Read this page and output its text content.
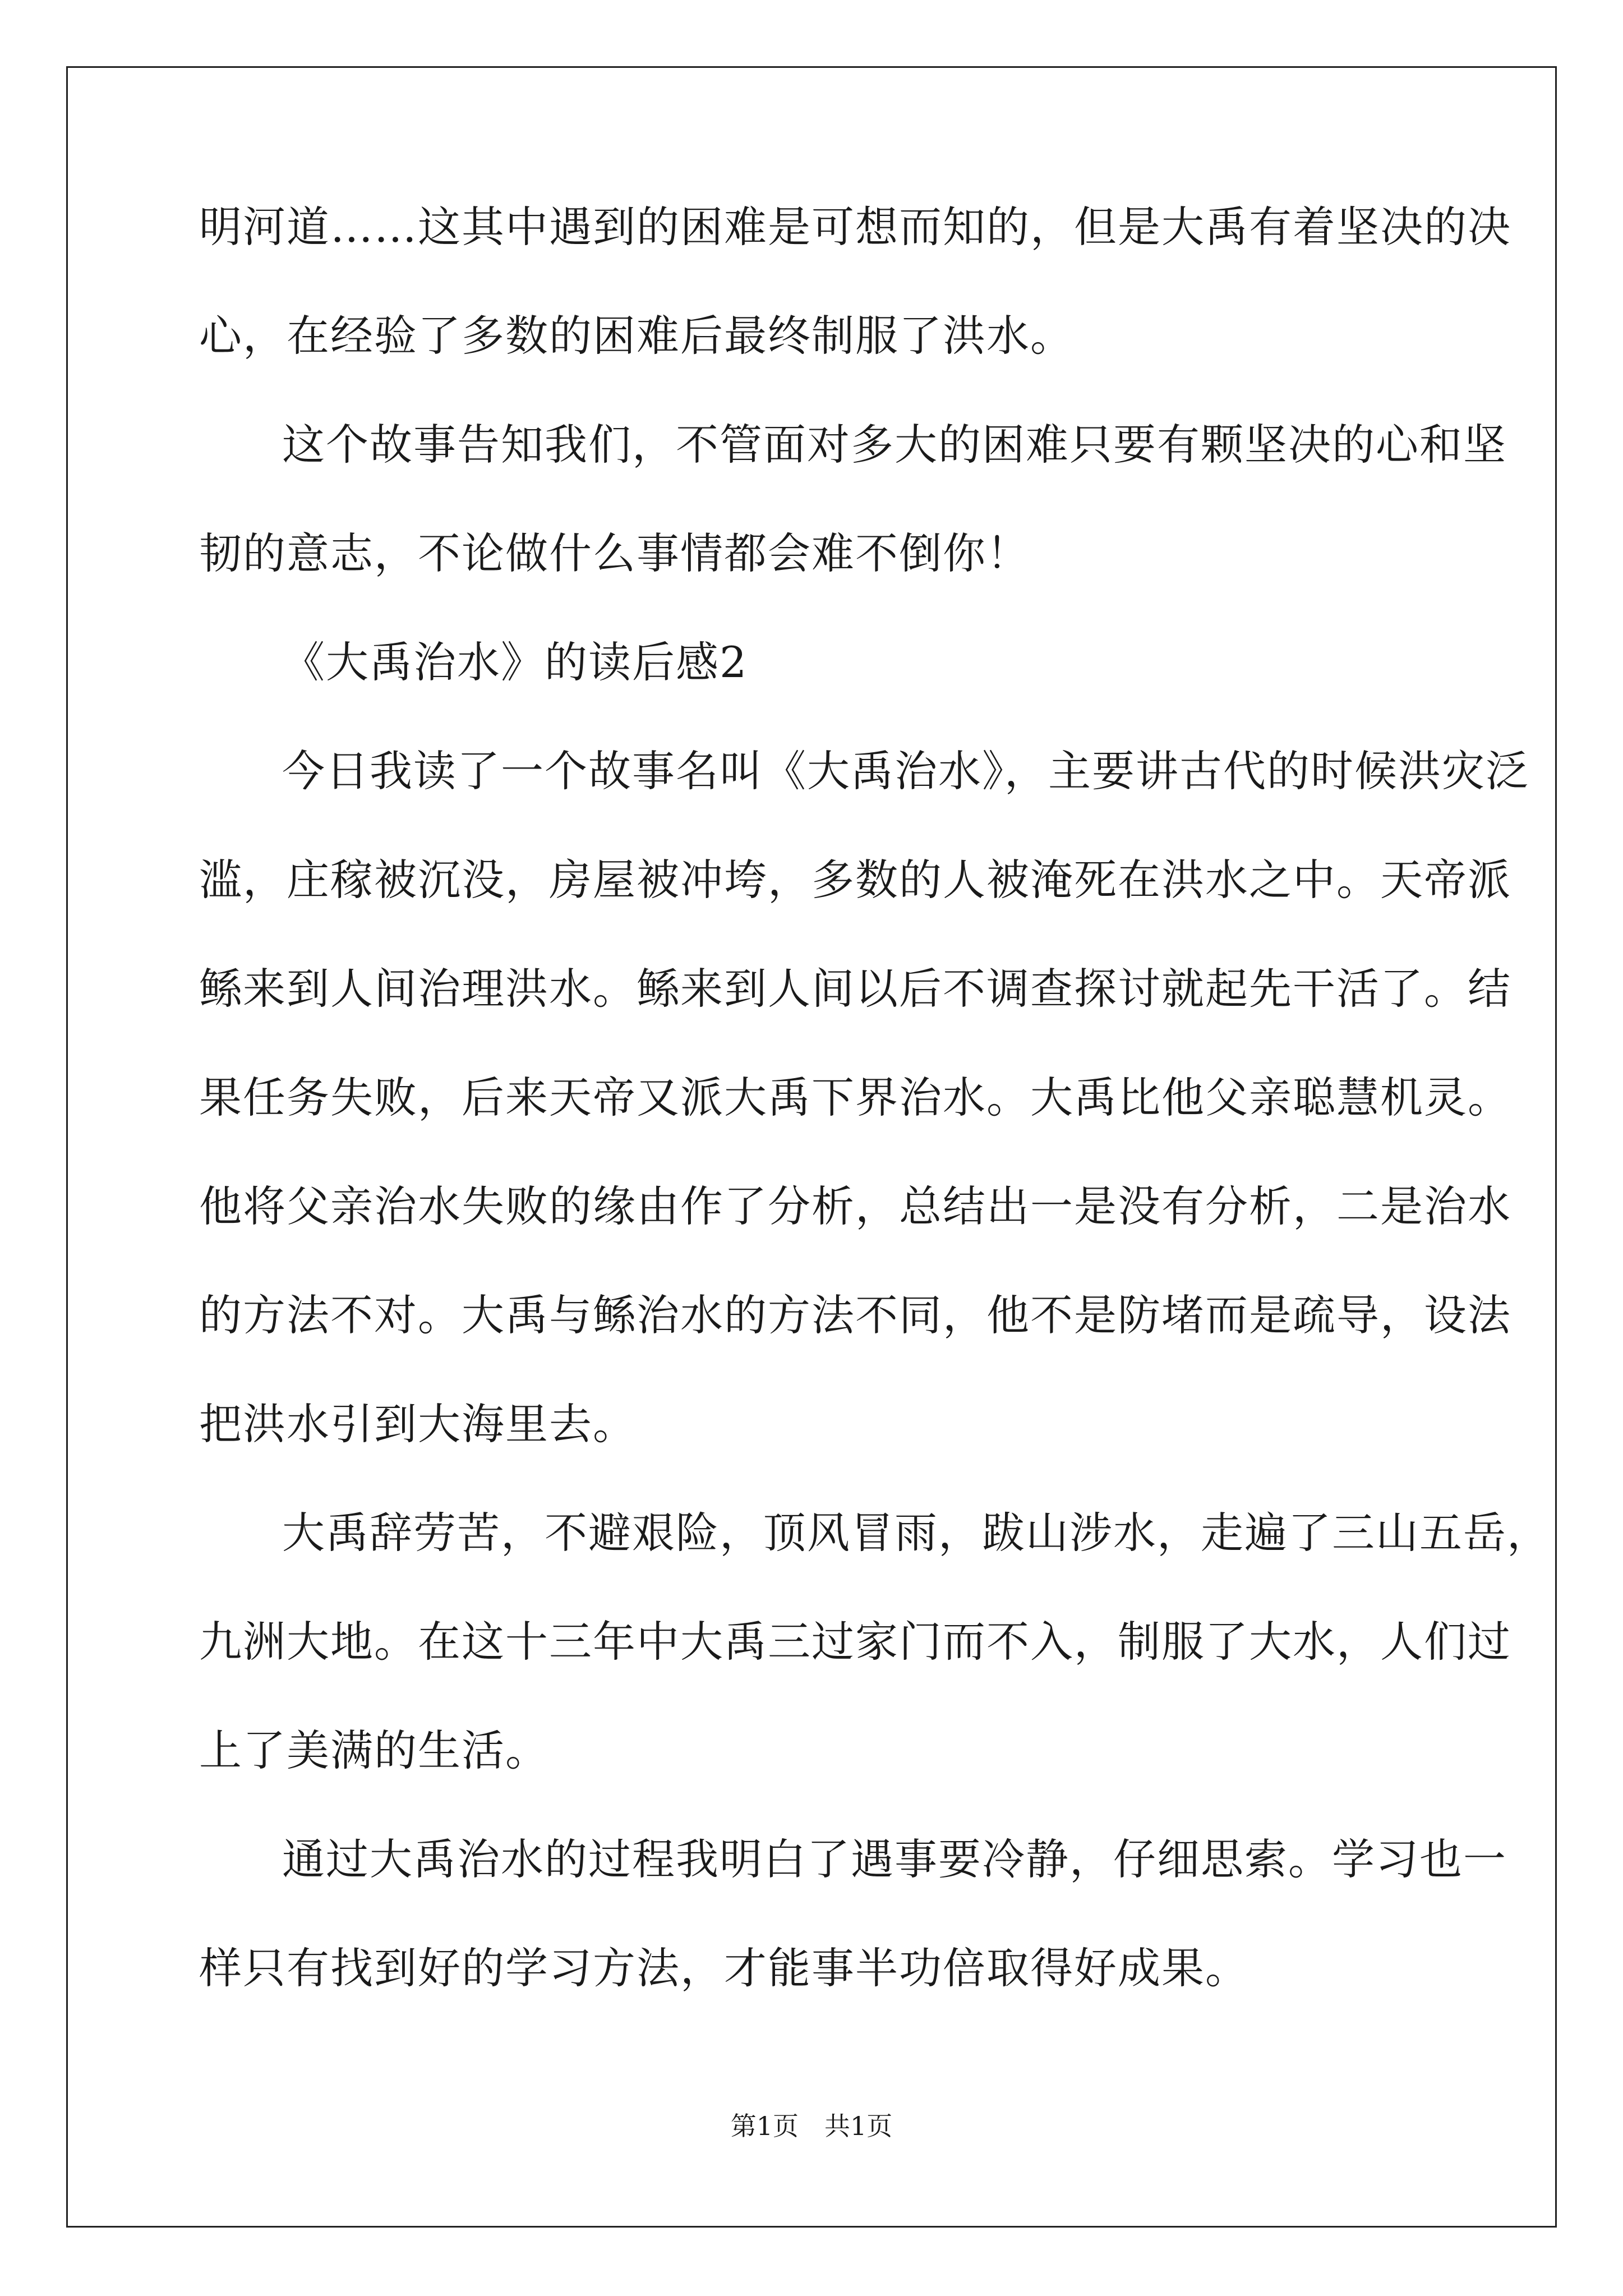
明河道……这其中遇到的困难是可想而知的，但是大禹有着坚决的决
心，在经验了多数的困难后最终制服了洪水。
这个故事告知我们，不管面对多大的困难只要有颗坚决的心和坚
韧的意志，不论做什么事情都会难不倒你！
《大禹治水》的读后感2
今日我读了一个故事名叫《大禹治水》，主要讲古代的时候洪灾泛
滥，庄稼被沉没，房屋被冲垮，多数的人被淹死在洪水之中。天帝派
鲧来到人间治理洪水。鲧来到人间以后不调查探讨就起先干活了。结
果任务失败，后来天帝又派大禹下界治水。大禹比他父亲聪慧机灵。
他将父亲治水失败的缘由作了分析，总结出一是没有分析，二是治水
的方法不对。大禹与鲧治水的方法不同，他不是防堵而是疏导，设法
把洪水引到大海里去。
大禹辞劳苦，不避艰险，顶风冒雨，跋山涉水，走遍了三山五岳，
九洲大地。在这十三年中大禹三过家门而不入，制服了大水，人们过
上了美满的生活。
通过大禹治水的过程我明白了遇事要冷静，仔细思索。学习也一
样只有找到好的学习方法，才能事半功倍取得好成果。
第1页　共1页
